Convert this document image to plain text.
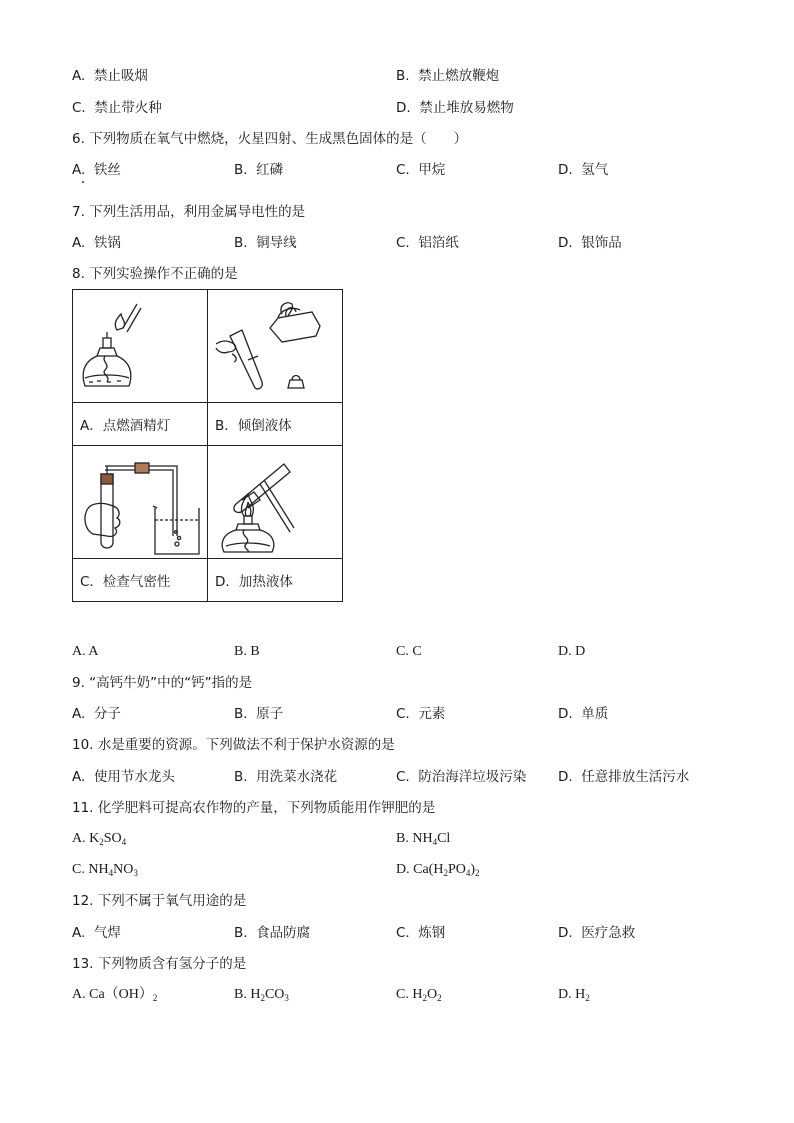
A. 禁止吸烟	B. 禁止燃放鞭炮
C. 禁止带火种	D. 禁止堆放易燃物
6. 下列物质在氧气中燃烧，火星四射、生成黑色固体的是（　　）
A. 铁丝	B. 红磷	C. 甲烷	D. 氢气
7. 下列生活用品，利用金属导电性的是
A. 铁锅	B. 铜导线	C. 铝箔纸	D. 银饰品
8. 下列实验操作不正确的是

A．点燃酒精灯	B．倾倒液体

C．检查气密性	D．加热液体
A. A	B. B	C. C	D. D
9. “高钙牛奶”中的“钙”指的是
A. 分子	B. 原子	C. 元素	D. 单质
10. 水是重要的资源。下列做法不利于保护水资源的是
A. 使用节水龙头	B. 用洗菜水浇花	C. 防治海洋垃圾污染 D. 任意排放生活污水
11. 化学肥料可提高农作物的产量，下列物质能用作钾肥的是
A. $K_2SO_4$	B. $NH_4Cl$
C. $NH_4NO_3$	D. $Ca(H_2PO_4)_2$
12. 下列不属于氧气用途的是
A. 气焊	B. 食品防腐	C. 炼钢	D. 医疗急救
13. 下列物质含有氢分子的是
A. $Ca(OH)_2$	B. $H_2CO_3$	C. $H_2O_2$	D. $H_2$
